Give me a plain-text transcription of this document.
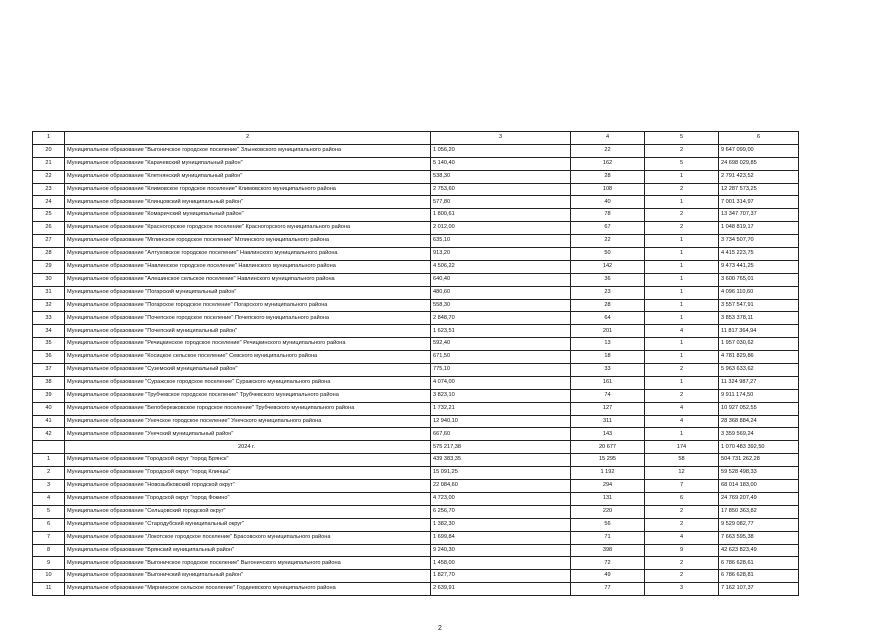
1	2	3	4	5	6
20	Муниципальное образование "Выгоничское городское поселение" Злынковского муниципального района	1 056,20	22	2	9 647 099,00
21	Муниципальное образование "Карачевский муниципальный район"	5 140,40	162	5	24 698 029,85
22	Муниципальное образование "Клетнянский муниципальный район"	538,30	28	1	2 791 423,52
23	Муниципальное образование "Климовское городское поселение" Климовского муниципального района	2 753,60	108	2	12 287 573,25
24	Муниципальное образование "Клинцовский муниципальный район"	577,80	40	1	7 001 314,97
25	Муниципальное образование "Комаричский муниципальный район"	1 800,61	78	2	13 347 707,37
26	Муниципальное образование "Красногорское городское поселение" Красногорского муниципального района	2 012,00	67	2	1 048 819,17
27	Муниципальное образование "Мглинское городское поселение" Мглинского муниципального района	635,10	22	1	3 734 507,70
28	Муниципальное образование "Алтуховское городское поселение" Навлинского муниципального района	913,20	50	1	4 415 223,75
29	Муниципальное образование "Навлинское городское поселение" Навлинского муниципального района	4 506,22	142	1	9 473 441,25
30	Муниципальное образование "Алешинское сельское поселение" Навлинского муниципального района	640,40	36	1	3 600 765,01
31	Муниципальное образование "Погарский муниципальный район"	480,60	23	1	4 096 110,60
32	Муниципальное образование "Погарское городское поселение" Погарского муниципального района	558,30	28	1	3 557 547,91
33	Муниципальное образование "Почепское городское поселение" Почепского муниципального района	2 848,70	64	1	3 853 378,11
34	Муниципальное образование "Почепский муниципальный район"	1 623,51	201	4	11 817 364,94
35	Муниципальное образование "Речицкинское городское поселение" Речицкинского муниципального района	592,40	13	1	1 957 030,62
36	Муниципальное образование "Косицкое сельское поселение" Севского муниципального района	671,50	18	1	4 781 829,86
37	Муниципальное образование "Суземский муниципальный район"	775,10	33	2	5 963 633,62
38	Муниципальное образование "Суражское городское поселение" Суражского муниципального района	4 074,00	161	1	11 324 987,27
39	Муниципальное образование "Трубчевское городское поселение" Трубчевского муниципального района	3 823,10	74	2	9 911 174,50
40	Муниципальное образование "Белоберезковское городское поселение" Трубчевского муниципального района	1 732,21	127	4	10 927 052,55
41	Муниципальное образование "Унечское городское поселение" Унечского муниципального района	12 940,10	311	4	28 368 884,24
42	Муниципальное образование "Унечский муниципальный район"	667,60	143	1	3 359 569,24
	2024 г.	575 217,38	20 677	174	1 070 483 392,50
1	Муниципальное образование "Городской округ "город Брянск"	439 383,35	15 295	58	504 731 262,28
2	Муниципальное образование "Городской округ "город Клинцы"	15 091,25	1 192	12	59 528 498,33
3	Муниципальное образование "Новозыбковский городской округ"	22 084,60	294	7	68 014 183,00
4	Муниципальное образование "Городской округ "город Фокино"	4 723,00	131	6	24 769 207,49
5	Муниципальное образование "Сельцовский городской округ"	6 256,70	220	2	17 850 363,82
6	Муниципальное образование "Стародубский муниципальный округ"	1 382,30	56	2	9 529 082,77
7	Муниципальное образование "Локотское городское поселение" Брасовского муниципального района	1 699,84	71	4	7 663 595,38
8	Муниципальное образование "Брянский муниципальный район"	9 240,30	398	9	42 623 823,49
9	Муниципальное образование "Выгоничское городское поселение" Выгоничского муниципального района	1 458,00	72	2	6 786 628,61
10	Муниципальное образование "Выгоничский муниципальный район"	1 827,70	49	2	6 786 628,81
11	Муниципальное образование "Мирнинское сельское поселение" Гордеевского муниципального района	2 639,91	77	3	7 162 107,37
2
